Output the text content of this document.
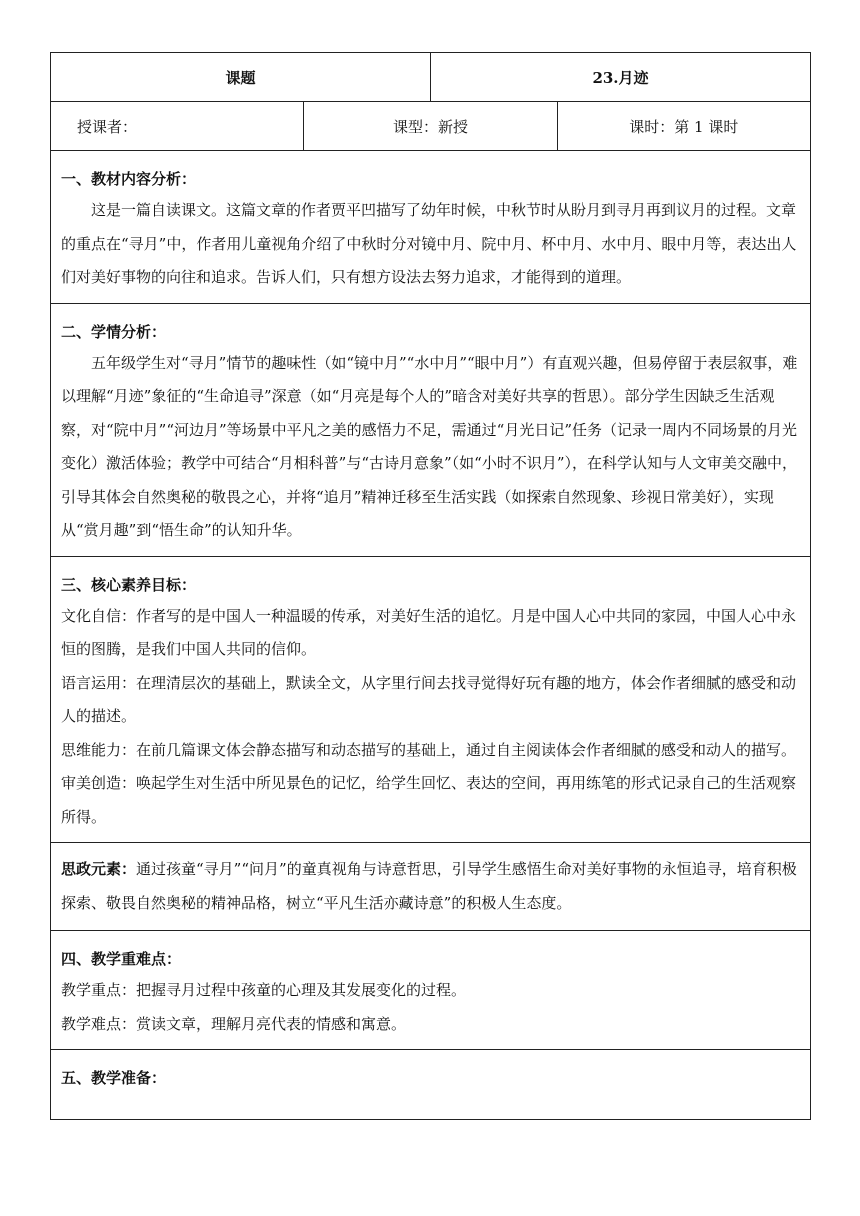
课题		23.月迹	
授课者：	课型：新授		课时：第 1 课时

一、教材内容分析：

这是一篇自读课文。这篇文章的作者贾平凹描写了幼年时候，中秋节时从盼月到寻月再到议月的过程。文章的重点在“寻月”中，作者用儿童视角介绍了中秋时分对镜中月、院中月、杯中月、水中月、眼中月等，表达出人们对美好事物的向往和追求。告诉人们，只有想方设法去努力追求，才能得到的道理。			

二、学情分析：

五年级学生对“寻月”情节的趣味性（如“镜中月”“水中月”“眼中月”）有直观兴趣，但易停留于表层叙事，难以理解“月迹”象征的“生命追寻”深意（如“月亮是每个人的”暗含对美好共享的哲思）。部分学生因缺乏生活观察，对“院中月”“河边月”等场景中平凡之美的感悟力不足，需通过“月光日记”任务（记录一周内不同场景的月光变化）激活体验；教学中可结合“月相科普”与“古诗月意象”（如“小时不识月”），在科学认知与人文审美交融中，引导其体会自然奥秘的敬畏之心，并将“追月”精神迁移至生活实践（如探索自然现象、珍视日常美好），实现从“赏月趣”到“悟生命”的认知升华。			

三、核心素养目标：

文化自信：作者写的是中国人一种温暖的传承，对美好生活的追忆。月是中国人心中共同的家园，中国人心中永恒的图腾，是我们中国人共同的信仰。

语言运用：在理清层次的基础上，默读全文，从字里行间去找寻觉得好玩有趣的地方，体会作者细腻的感受和动人的描述。

思维能力：在前几篇课文体会静态描写和动态描写的基础上，通过自主阅读体会作者细腻的感受和动人的描写。

审美创造：唤起学生对生活中所见景色的记忆，给学生回忆、表达的空间，再用练笔的形式记录自己的生活观察所得。			

思政元素：通过孩童“寻月”“问月”的童真视角与诗意哲思，引导学生感悟生命对美好事物的永恒追寻，培育积极探索、敬畏自然奥秘的精神品格，树立“平凡生活亦藏诗意”的积极人生态度。			

四、教学重难点：

教学重点：把握寻月过程中孩童的心理及其发展变化的过程。

教学难点：赏读文章，理解月亮代表的情感和寓意。			

五、教学准备：			
